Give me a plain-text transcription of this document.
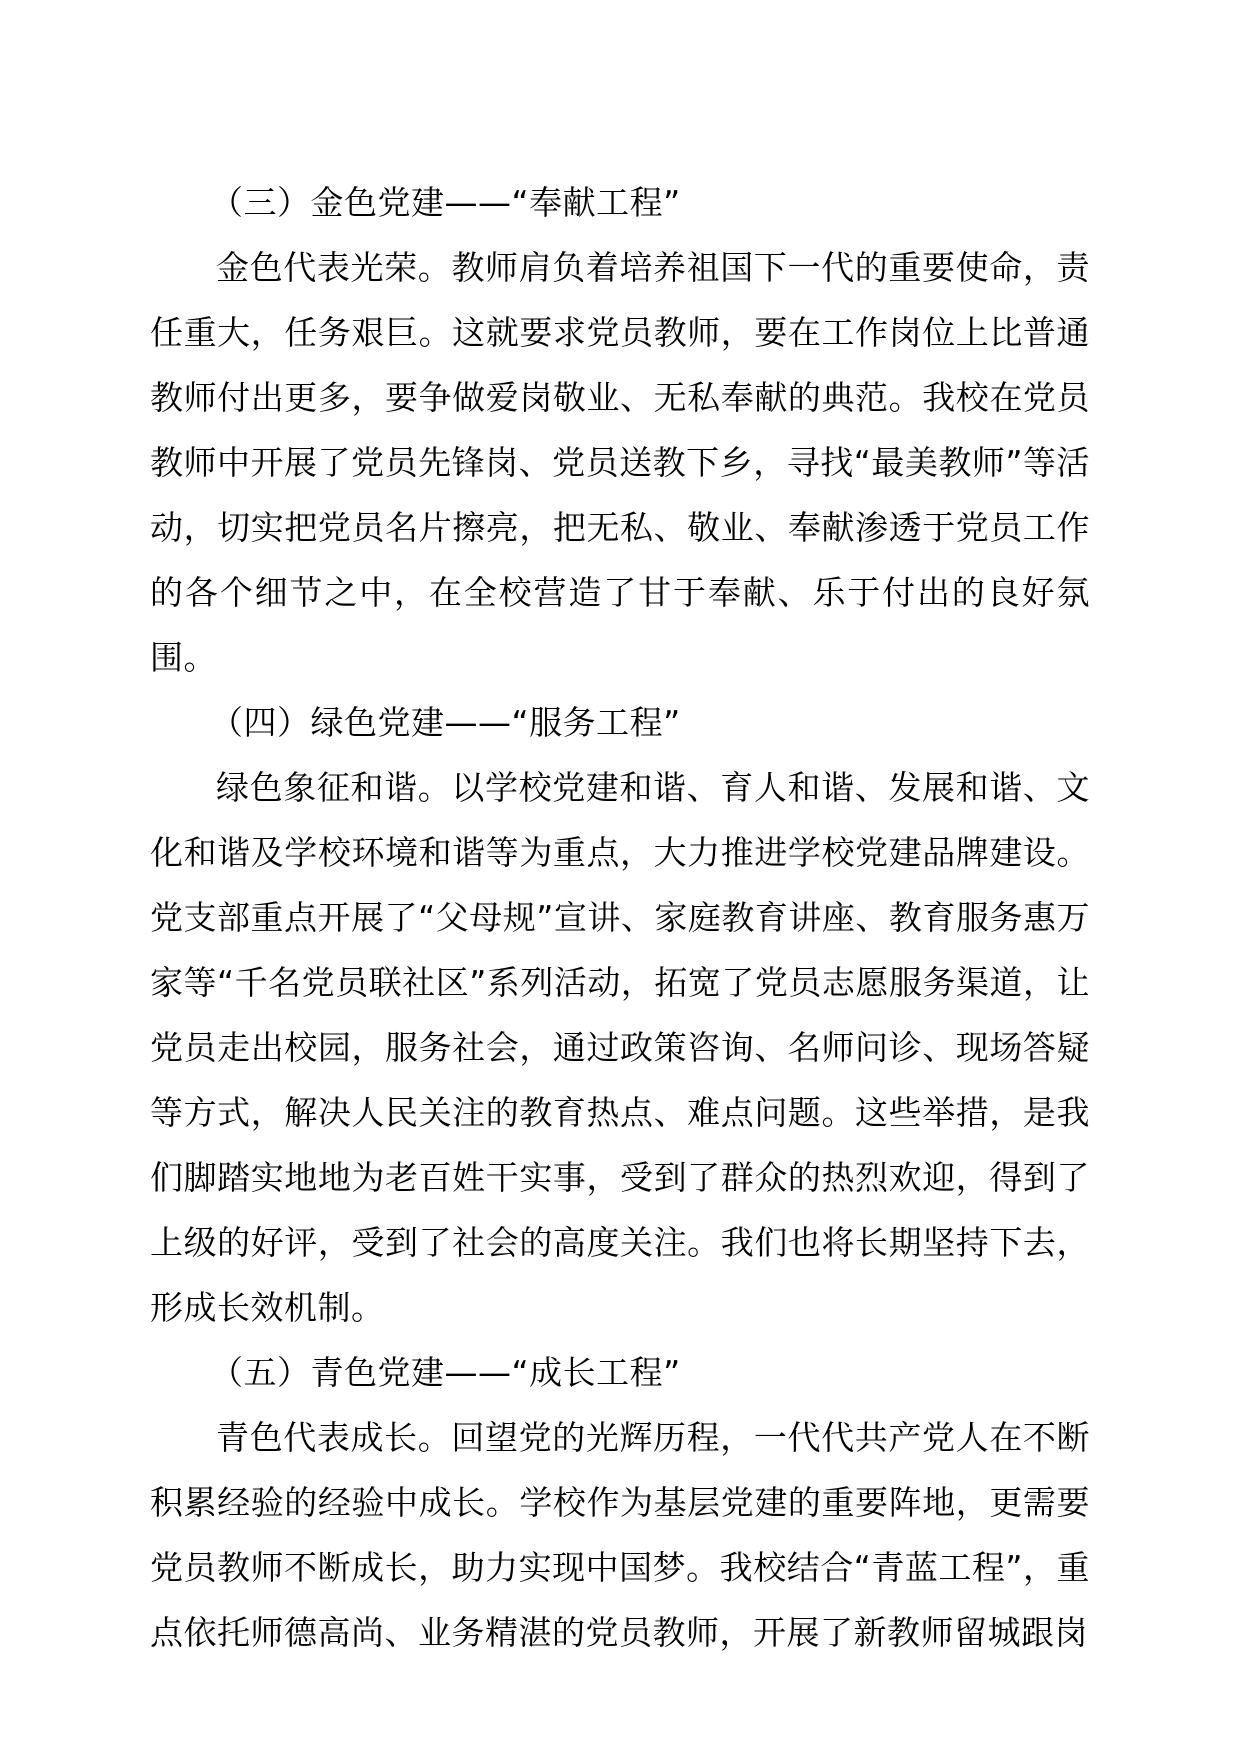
（三）金色党建——“奉献工程”

金色代表光荣。教师肩负着培养祖国下一代的重要使命，责任重大，任务艰巨。这就要求党员教师，要在工作岗位上比普通教师付出更多，要争做爱岗敬业、无私奉献的典范。我校在党员教师中开展了党员先锋岗、党员送教下乡，寻找“最美教师”等活动，切实把党员名片擦亮，把无私、敬业、奉献渗透于党员工作的各个细节之中，在全校营造了甘于奉献、乐于付出的良好氛围。

（四）绿色党建——“服务工程”

绿色象征和谐。以学校党建和谐、育人和谐、发展和谐、文化和谐及学校环境和谐等为重点，大力推进学校党建品牌建设。党支部重点开展了“父母规”宣讲、家庭教育讲座、教育服务惠万家等“千名党员联社区”系列活动，拓宽了党员志愿服务渠道，让党员走出校园，服务社会，通过政策咨询、名师问诊、现场答疑等方式，解决人民关注的教育热点、难点问题。这些举措，是我们脚踏实地地为老百姓干实事，受到了群众的热烈欢迎，得到了上级的好评，受到了社会的高度关注。我们也将长期坚持下去，形成长效机制。

（五）青色党建——“成长工程”

青色代表成长。回望党的光辉历程，一代代共产党人在不断积累经验的经验中成长。学校作为基层党建的重要阵地，更需要党员教师不断成长，助力实现中国梦。我校结合“青蓝工程”，重点依托师德高尚、业务精湛的党员教师，开展了新教师留城跟岗
